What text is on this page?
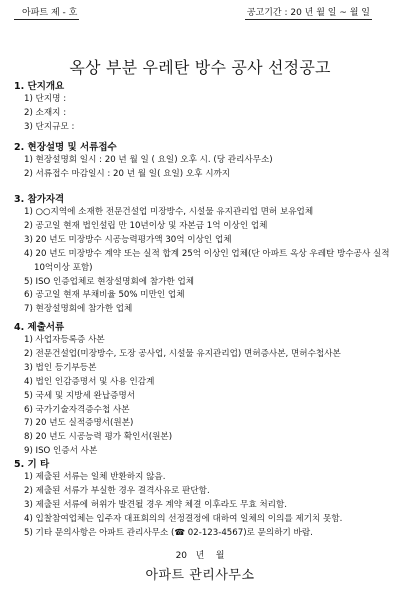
아파트 제 - 호	공고기간 : 20 년 월 일 ~ 월 일
옥상 부분 우레탄 방수 공사 선정공고
1. 단지개요
1) 단지명 :
2) 소재지 :
3) 단지규모 :
2. 현장설명 및 서류접수
1) 현장설명회 일시 : 20 년 월 일 ( 요일) 오후 시. (당 관리사무소)
2) 서류접수 마감일시 : 20 년 월 일( 요일) 오후 시까지
3. 참가자격
1) ○○지역에 소재한 전문건설업 미장방수, 시설물 유지관리업 면허 보유업체
2) 공고일 현재 법인설립 만 10년이상 및 자본금 1억 이상인 업체
3) 20 년도 미장방수 시공능력평가액 30억 이상인 업체
4) 20 년도 미장방수 계약 또는 실적 합계 25억 이상인 업체(단 아파트 옥상 우레탄 방수공사 실적 10억이상 포함)
5) ISO 인증업체로 현장설명회에 참가한 업체
6) 공고일 현재 부채비율 50% 미만인 업체
7) 현장설명회에 참가한 업체
4. 제출서류
1) 사업자등록증 사본
2) 전문건설업(미장방수, 도장 공사업, 시설물 유지관리업) 면허증사본, 면허수첩사본
3) 법인 등기부등본
4) 법인 인감증명서 및 사용 인감계
5) 국세 및 지방세 완납증명서
6) 국가기술자격증수첩 사본
7) 20 년도 실적증명서(원본)
8) 20 년도 시공능력 평가 확인서(원본)
9) ISO 인증서 사본
5. 기 타
1) 제출된 서류는 일체 반환하지 않음.
2) 제출된 서류가 부실한 경우 결격사유로 판단함.
3) 제출된 서류에 허위가 발견될 경우 계약 체결 이후라도 무효 처리함.
4) 입찰참여업체는 입주자 대표회의의 선정결정에 대하여 일체의 이의를 제기치 못함.
5) 기타 문의사항은 아파트 관리사무소 (☎ 02-123-4567)로 문의하기 바람.
20   년    월
아파트 관리사무소
